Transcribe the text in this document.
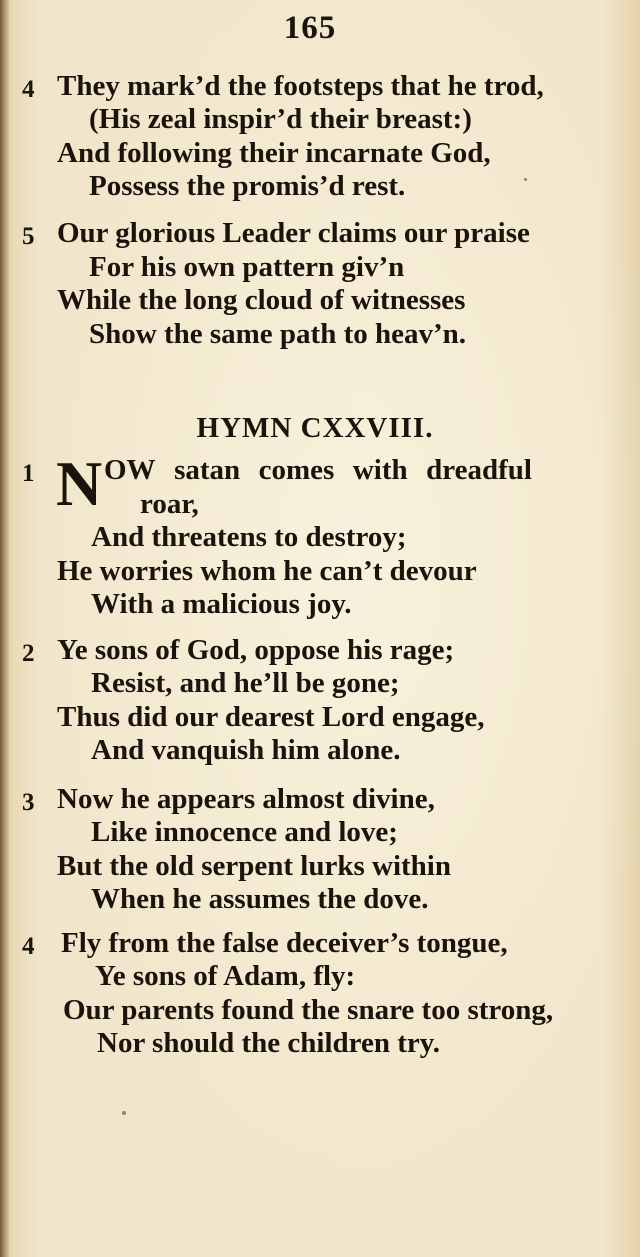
165
4 They mark’d the footsteps that he trod,
(His zeal inspir’d their breast:)
And following their incarnate God,
Possess the promis’d rest.
5 Our glorious Leader claims our praise
For his own pattern giv’n
While the long cloud of witnesses
Show the same path to heav’n.
HYMN CXXVIII.
1 N OW satan comes with dreadful
roar,
And threatens to destroy;
He worries whom he can’t devour
With a malicious joy.
2 Ye sons of God, oppose his rage;
Resist, and he’ll be gone;
Thus did our dearest Lord engage,
And vanquish him alone.
3 Now he appears almost divine,
Like innocence and love;
But the old serpent lurks within
When he assumes the dove.
4 Fly from the false deceiver’s tongue,
Ye sons of Adam, fly:
Our parents found the snare too strong,
Nor should the children try.
